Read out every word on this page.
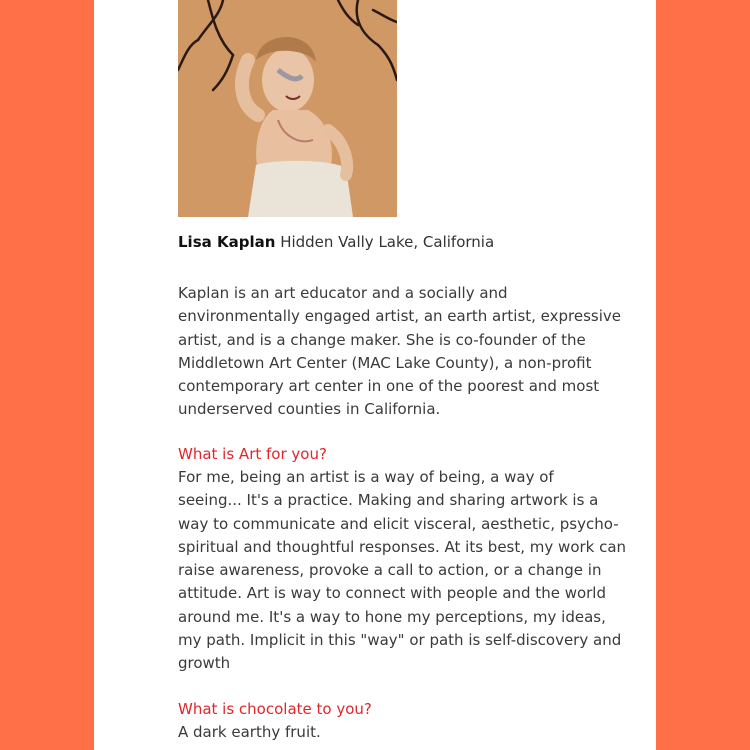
Lisa Kaplan Hidden Vally Lake, California
Kaplan is an art educator and a socially and
environmentally engaged artist, an earth artist, expressive
artist, and is a change maker. She is co-founder of the
Middletown Art Center (MAC Lake County), a non-profit
contemporary art center in one of the poorest and most
underserved counties in California.
What is Art for you?
For me, being an artist is a way of being, a way of
seeing... It's a practice. Making and sharing artwork is a
way to communicate and elicit visceral, aesthetic, psycho-
spiritual and thoughtful responses. At its best, my work can
raise awareness, provoke a call to action, or a change in
attitude. Art is way to connect with people and the world
around me. It's a way to hone my perceptions, my ideas,
my path. Implicit in this "way" or path is self-discovery and
growth
What is chocolate to you?
A dark earthy fruit.
